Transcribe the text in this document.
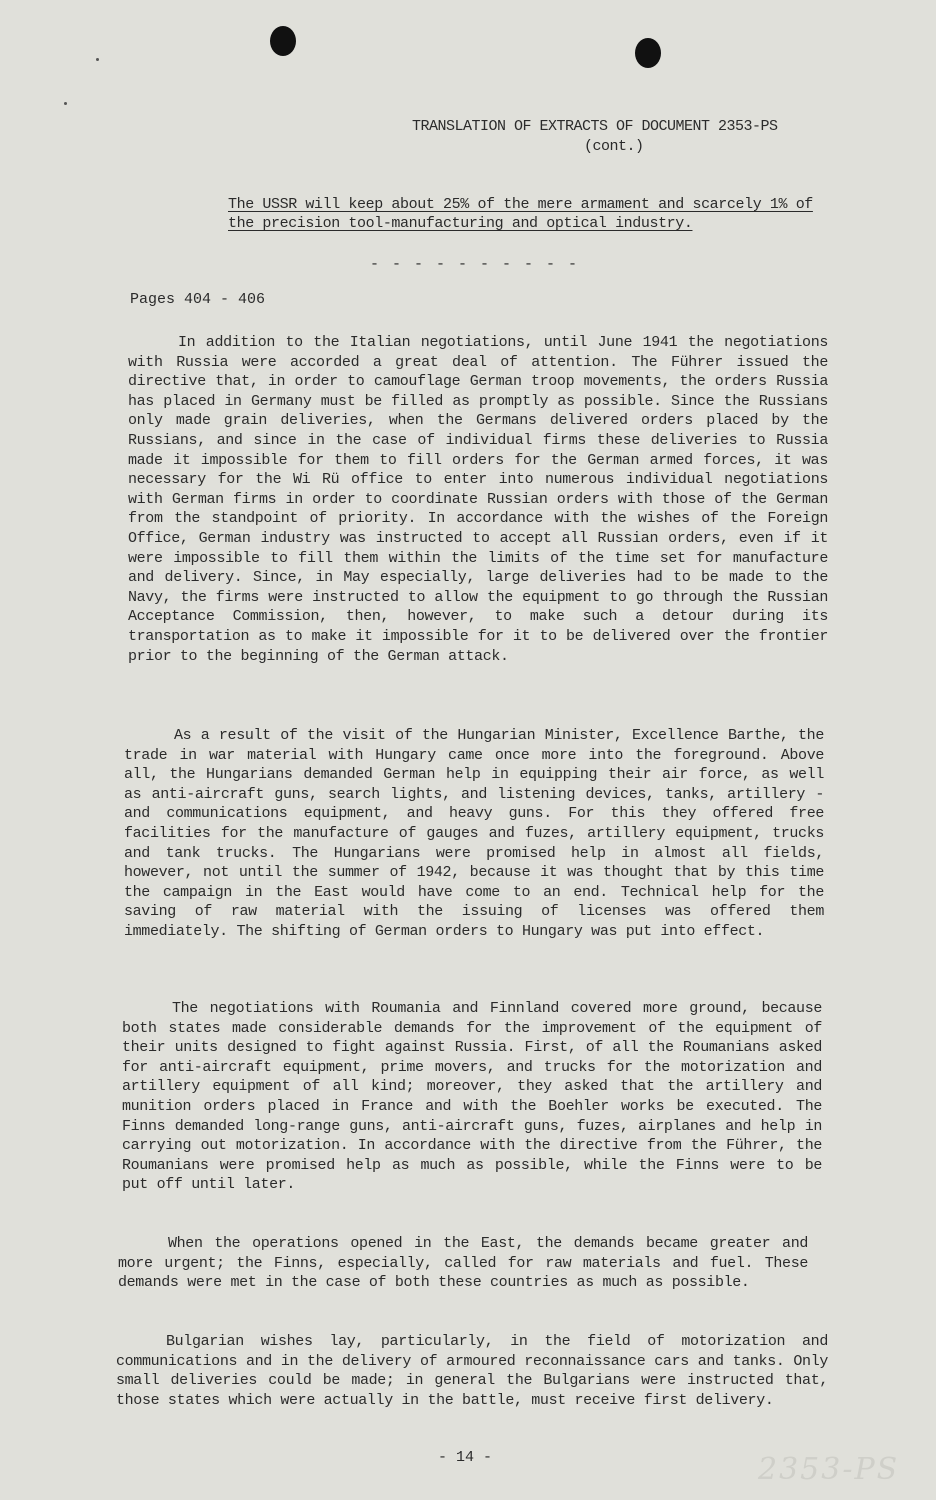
TRANSLATION OF EXTRACTS OF DOCUMENT 2353-PS
(cont.)
The USSR will keep about 25% of the mere armament and scarcely 1% of the precision tool-manufacturing and optical industry.
- - - - - - - - - -
Pages 404 - 406

In addition to the Italian negotiations, until June 1941 the negotiations with Russia were accorded a great deal of attention. The Führer issued the directive that, in order to camouflage German troop movements, the orders Russia has placed in Germany must be filled as promptly as possible. Since the Russians only made grain deliveries, when the Germans delivered orders placed by the Russians, and since in the case of individual firms these deliveries to Russia made it impossible for them to fill orders for the German armed forces, it was necessary for the Wi Rü office to enter into numerous individual negotiations with German firms in order to coordinate Russian orders with those of the German from the standpoint of priority. In accordance with the wishes of the Foreign Office, German industry was instructed to accept all Russian orders, even if it were impossible to fill them within the limits of the time set for manufacture and delivery. Since, in May especially, large deliveries had to be made to the Navy, the firms were instructed to allow the equipment to go through the Russian Acceptance Commission, then, however, to make such a detour during its transportation as to make it impossible for it to be delivered over the frontier prior to the beginning of the German attack.

As a result of the visit of the Hungarian Minister, Excellence Barthe, the trade in war material with Hungary came once more into the foreground. Above all, the Hungarians demanded German help in equipping their air force, as well as anti-aircraft guns, search lights, and listening devices, tanks, artillery - and communications equipment, and heavy guns. For this they offered free facilities for the manufacture of gauges and fuzes, artillery equipment, trucks and tank trucks. The Hungarians were promised help in almost all fields, however, not until the summer of 1942, because it was thought that by this time the campaign in the East would have come to an end. Technical help for the saving of raw material with the issuing of licenses was offered them immediately. The shifting of German orders to Hungary was put into effect.

The negotiations with Roumania and Finnland covered more ground, because both states made considerable demands for the improvement of the equipment of their units designed to fight against Russia. First, of all the Roumanians asked for anti-aircraft equipment, prime movers, and trucks for the motorization and artillery equipment of all kind; moreover, they asked that the artillery and munition orders placed in France and with the Boehler works be executed. The Finns demanded long-range guns, anti-aircraft guns, fuzes, airplanes and help in carrying out motorization. In accordance with the directive from the Führer, the Roumanians were promised help as much as possible, while the Finns were to be put off until later.

When the operations opened in the East, the demands became greater and more urgent; the Finns, especially, called for raw materials and fuel. These demands were met in the case of both these countries as much as possible.

Bulgarian wishes lay, particularly, in the field of motorization and communications and in the delivery of armoured reconnaissance cars and tanks. Only small deliveries could be made; in general the Bulgarians were instructed that, those states which were actually in the battle, must receive first delivery.

- 14 -	2353-PS
